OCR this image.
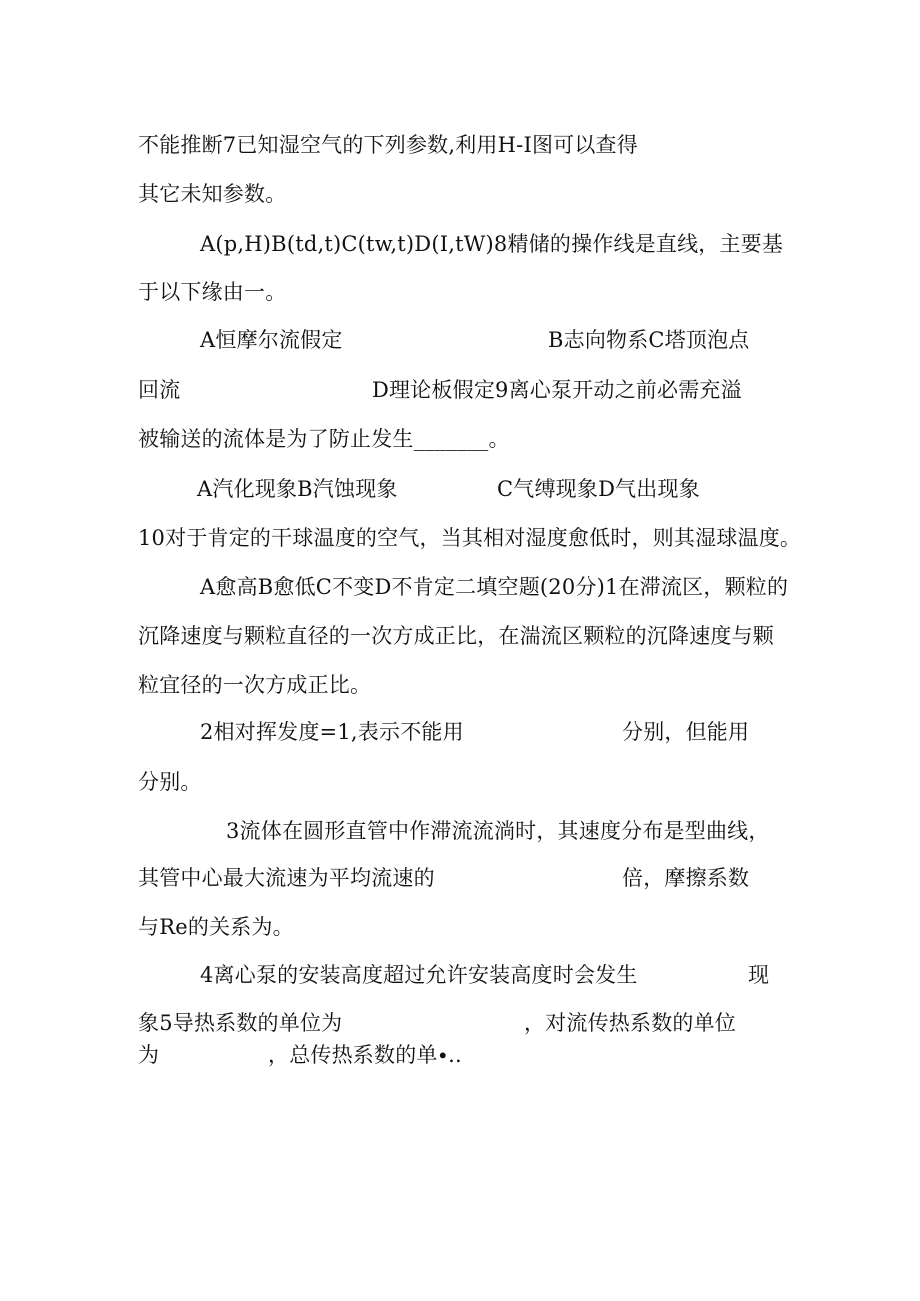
不能推断7已知湿空气的下列参数,利用H-I图可以查得
其它未知参数。
A(p,H)B(td,t)C(tw,t)D(I,tW)8精储的操作线是直线，主要基
于以下缘由一。
A恒摩尔流假定	B志向物系C塔顶泡点
回流	D理论板假定9离心泵开动之前必需充溢
被输送的流体是为了防止发生_______。
A汽化现象B汽蚀现象	C气缚现象D气出现象
10对于肯定的干球温度的空气，当其相对湿度愈低时，则其湿球温度。
A愈高B愈低C不变D不肯定二填空题(20分)1在滞流区，颗粒的
沉降速度与颗粒直径的一次方成正比，在湍流区颗粒的沉降速度与颗
粒宜径的一次方成正比。
2相对挥发度=1,表示不能用	分别，但能用
分别。
3流体在圆形直管中作滞流流淌时，其速度分布是型曲线，
其管中心最大流速为平均流速的	倍，摩擦系数
与Re的关系为。
4离心泵的安装高度超过允许安装高度时会发生	现
象5导热系数的单位为	，对流传热系数的单位
为	，总传热系数的单∙..
